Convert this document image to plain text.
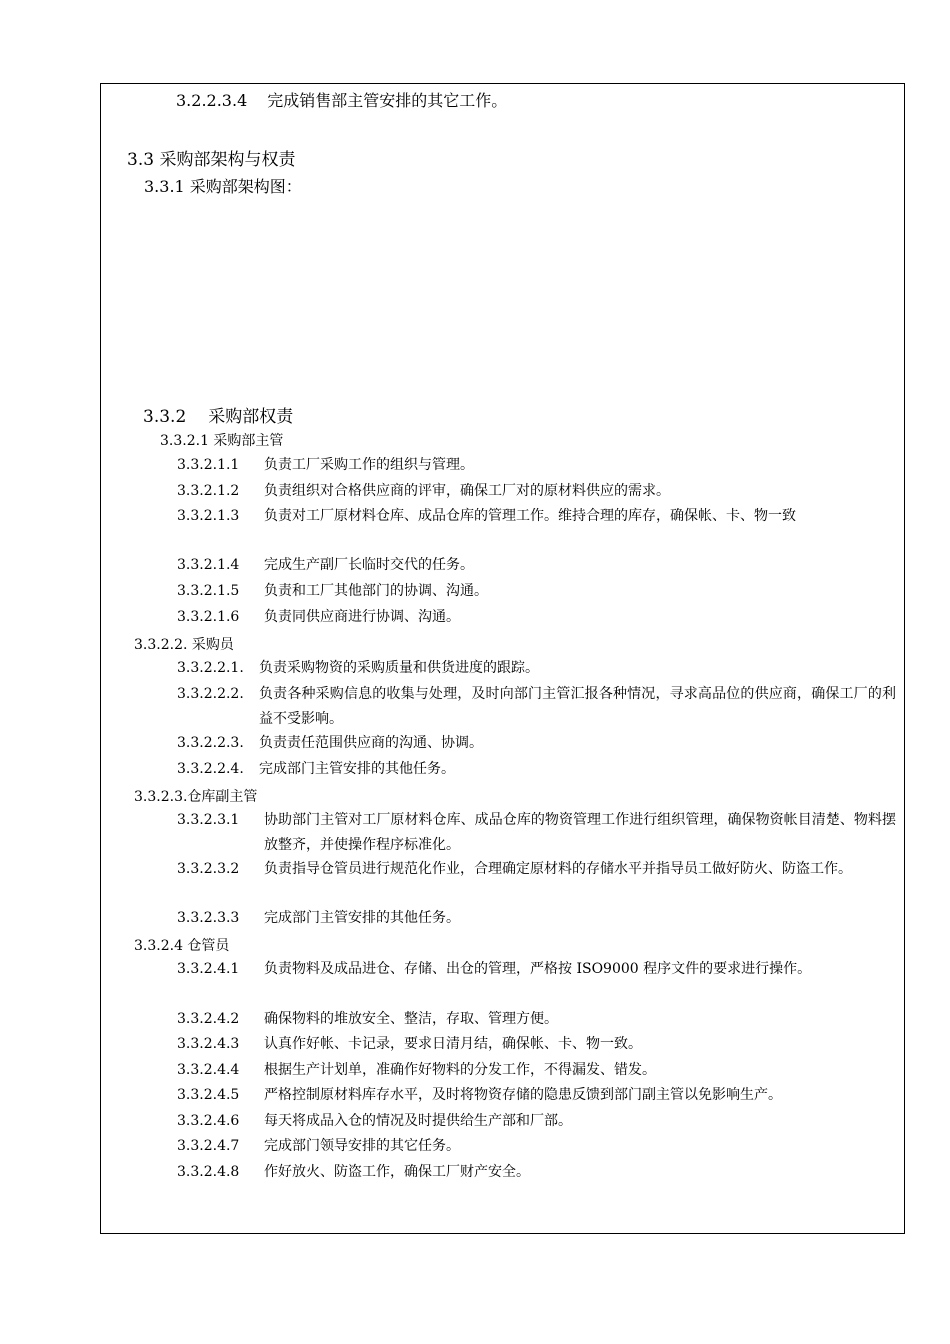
3.2.2.3.4 完成销售部主管安排的其它工作。
3.3 采购部架构与权责
3.3.1 采购部架构图：
3.3.2 采购部权责
3.3.2.1 采购部主管
3.3.2.1.1 负责工厂采购工作的组织与管理。
3.3.2.1.2 负责组织对合格供应商的评审，确保工厂对的原材料供应的需求。
3.3.2.1.3 负责对工厂原材料仓库、成品仓库的管理工作。维持合理的库存，确保帐、卡、物一致
3.3.2.1.4 完成生产副厂长临时交代的任务。
3.3.2.1.5 负责和工厂其他部门的协调、沟通。
3.3.2.1.6 负责同供应商进行协调、沟通。
3.3.2.2. 采购员
3.3.2.2.1. 负责采购物资的采购质量和供货进度的跟踪。
3.3.2.2.2. 负责各种采购信息的收集与处理，及时向部门主管汇报各种情况，寻求高品位的供应商，确保工厂的利益不受影响。
3.3.2.2.3. 负责责任范围供应商的沟通、协调。
3.3.2.2.4. 完成部门主管安排的其他任务。
3.3.2.3.仓库副主管
3.3.2.3.1 协助部门主管对工厂原材料仓库、成品仓库的物资管理工作进行组织管理，确保物资帐目清楚、物料摆放整齐，并使操作程序标准化。
3.3.2.3.2 负责指导仓管员进行规范化作业，合理确定原材料的存储水平并指导员工做好防火、防盗工作。
3.3.2.3.3 完成部门主管安排的其他任务。
3.3.2.4 仓管员
3.3.2.4.1 负责物料及成品进仓、存储、出仓的管理，严格按 ISO9000 程序文件的要求进行操作。
3.3.2.4.2 确保物料的堆放安全、整洁，存取、管理方便。
3.3.2.4.3 认真作好帐、卡记录，要求日清月结，确保帐、卡、物一致。
3.3.2.4.4 根据生产计划单，准确作好物料的分发工作，不得漏发、错发。
3.3.2.4.5 严格控制原材料库存水平，及时将物资存储的隐患反馈到部门副主管以免影响生产。
3.3.2.4.6 每天将成品入仓的情况及时提供给生产部和厂部。
3.3.2.4.7 完成部门领导安排的其它任务。
3.3.2.4.8 作好放火、防盗工作，确保工厂财产安全。
